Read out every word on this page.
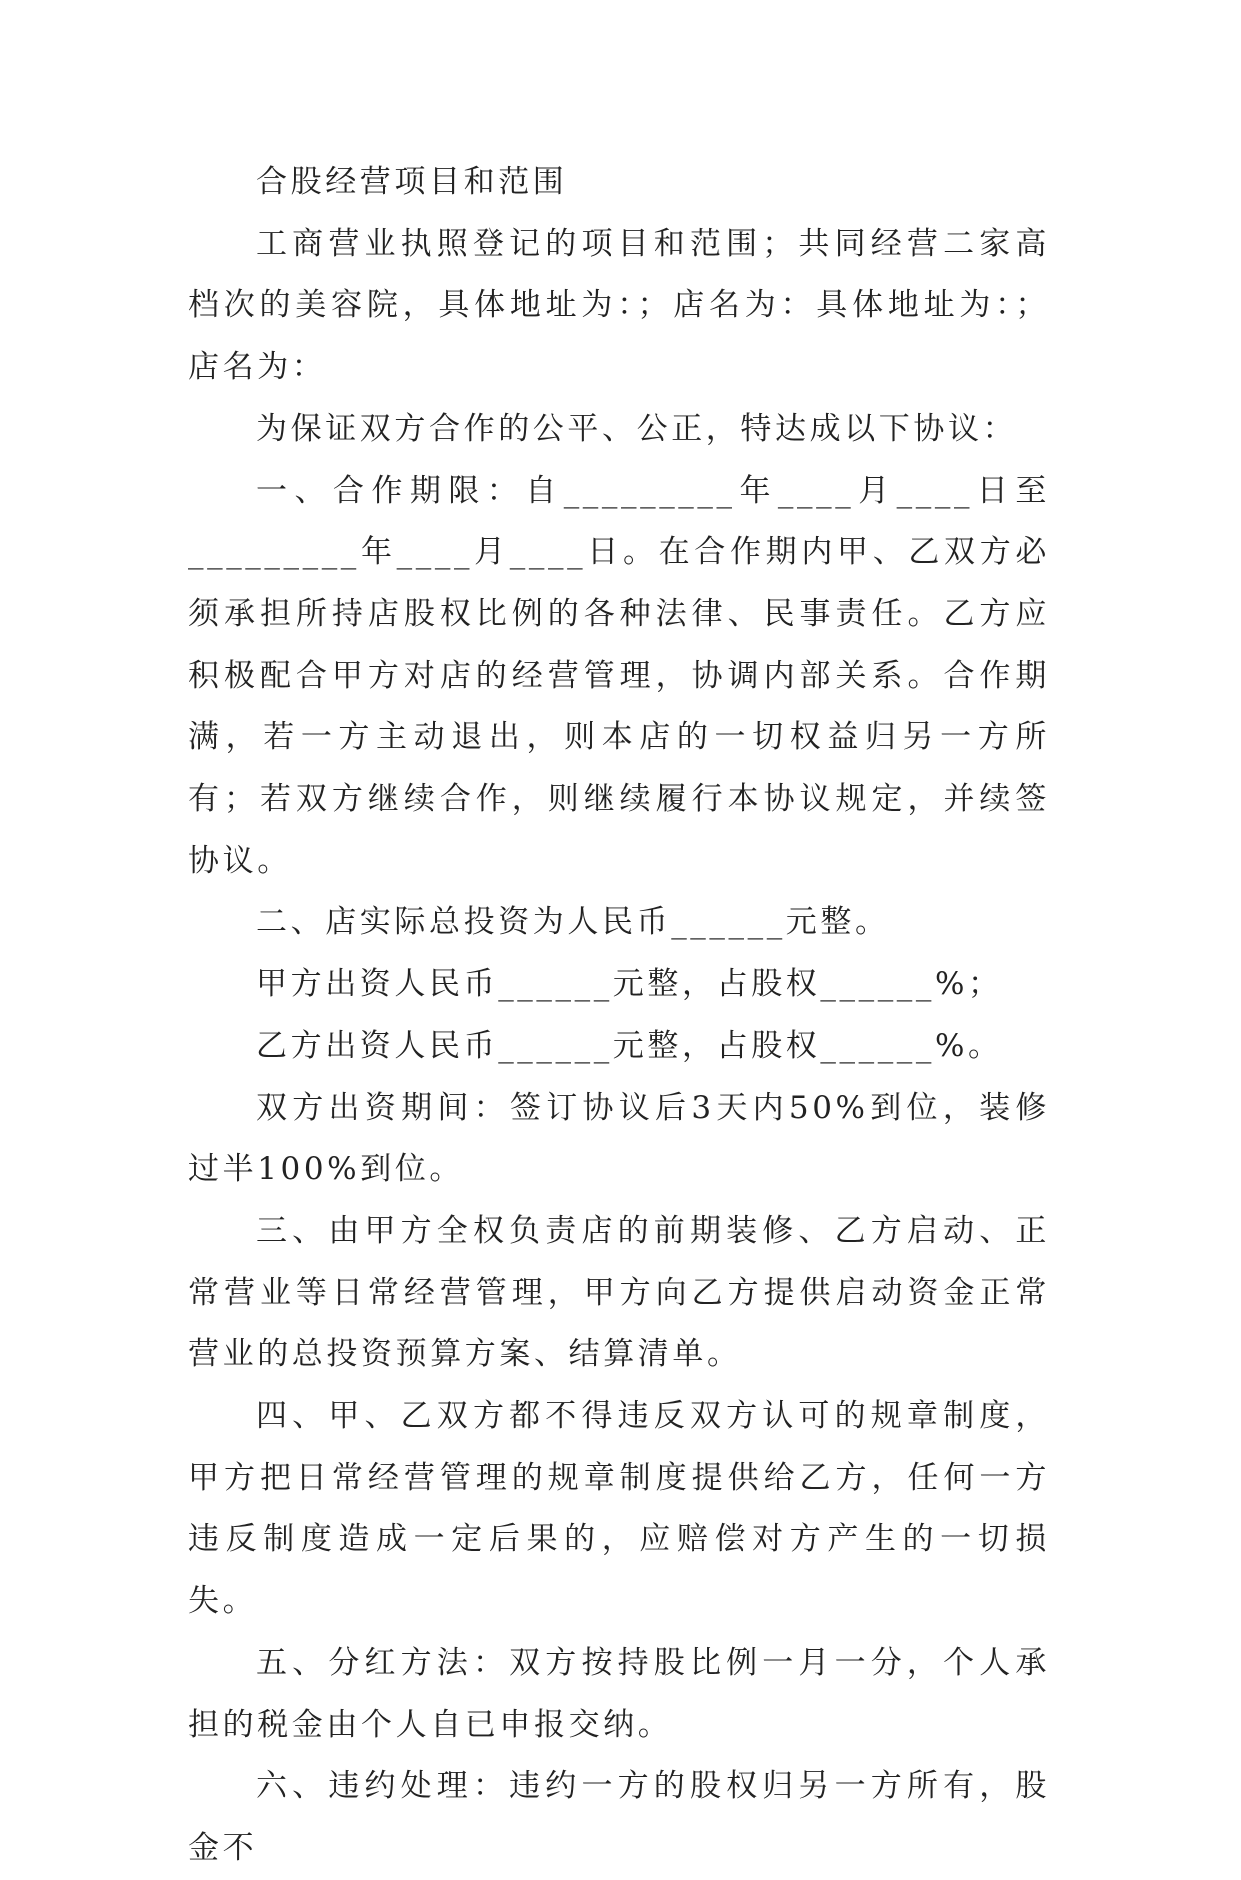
合股经营项目和范围

工商营业执照登记的项目和范围；共同经营二家高档次的美容院，具体地址为：；店名为：具体地址为：；店名为：

为保证双方合作的公平、公正，特达成以下协议：

一、合作期限：自_________年____月____日至_________年____月____日。在合作期内甲、乙双方必须承担所持店股权比例的各种法律、民事责任。乙方应积极配合甲方对店的经营管理，协调内部关系。合作期满，若一方主动退出，则本店的一切权益归另一方所有；若双方继续合作，则继续履行本协议规定，并续签协议。

二、店实际总投资为人民币______元整。

甲方出资人民币______元整，占股权______%；

乙方出资人民币______元整，占股权______%。

双方出资期间：签订协议后3天内50%到位，装修过半100%到位。

三、由甲方全权负责店的前期装修、乙方启动、正常营业等日常经营管理，甲方向乙方提供启动资金正常营业的总投资预算方案、结算清单。

四、甲、乙双方都不得违反双方认可的规章制度，甲方把日常经营管理的规章制度提供给乙方，任何一方违反制度造成一定后果的，应赔偿对方产生的一切损失。

五、分红方法：双方按持股比例一月一分，个人承担的税金由个人自已申报交纳。

六、违约处理：违约一方的股权归另一方所有，股金不
